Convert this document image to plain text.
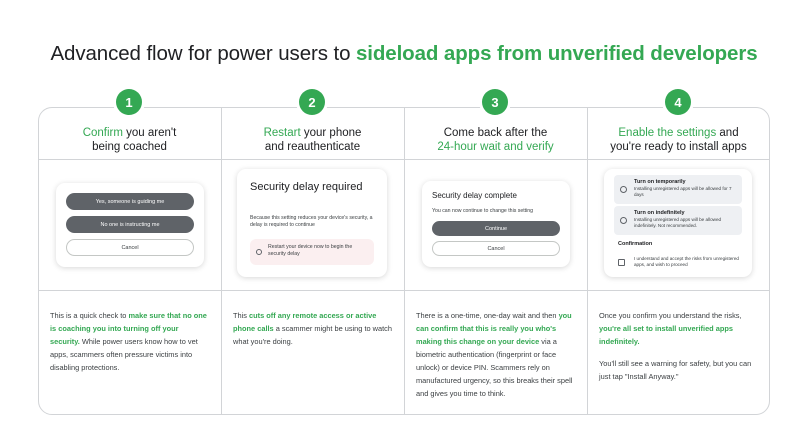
Advanced flow for power users to sideload apps from unverified developers
1	2	3	4
Confirm you aren't
being coached
Restart your phone
and reauthenticate
Come back after the
24-hour wait and verify
Enable the settings and
you're ready to install apps
Yes, someone is guiding me
No one is instructing me
Cancel
Security delay required
Because this setting reduces your device's security, a delay is required to continue
Restart your device now to begin the security delay
Security delay complete
You can now continue to change this setting
Continue
Cancel
Turn on temporarily
Installing unregistered apps will be allowed for 7 days
Turn on indefinitely
Installing unregistered apps will be allowed indefinitely. Not recommended.
Confirmation
I understand and accept the risks from unregistered apps, and wish to proceed
This is a quick check to make sure that no one is coaching you into turning off your security. While power users know how to vet apps, scammers often pressure victims into disabling protections.
This cuts off any remote access or active phone calls a scammer might be using to watch what you're doing.
There is a one-time, one-day wait and then you can confirm that this is really you who's making this change on your device via a biometric authentication (fingerprint or face unlock) or device PIN. Scammers rely on manufactured urgency, so this breaks their spell and gives you time to think.
Once you confirm you understand the risks, you're all set to install unverified apps indefinitely.
You'll still see a warning for safety, but you can just tap "Install Anyway."
